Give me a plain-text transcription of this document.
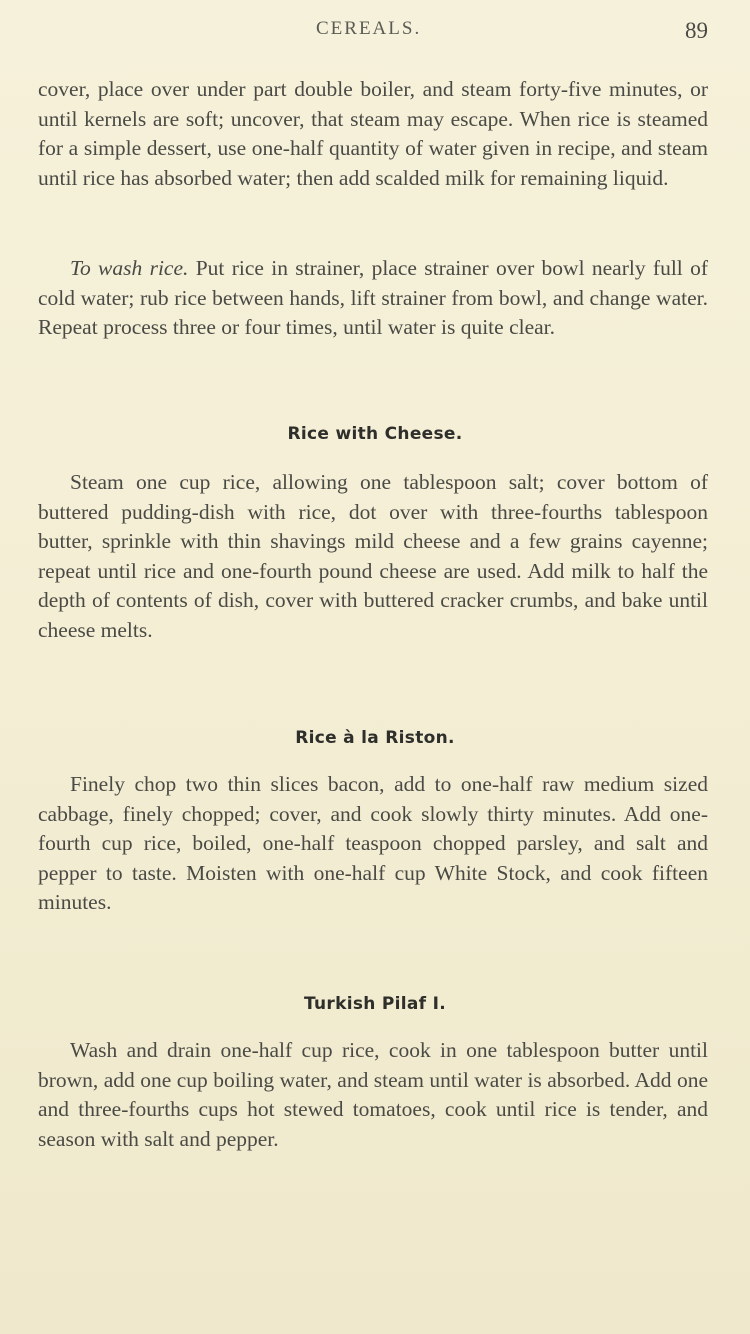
CEREALS.	89

cover, place over under part double boiler, and steam forty-five minutes, or until kernels are soft; uncover, that steam may escape. When rice is steamed for a simple dessert, use one-half quantity of water given in recipe, and steam until rice has absorbed water; then add scalded milk for remaining liquid.

To wash rice. Put rice in strainer, place strainer over bowl nearly full of cold water; rub rice between hands, lift strainer from bowl, and change water. Repeat process three or four times, until water is quite clear.

Rice with Cheese.

Steam one cup rice, allowing one tablespoon salt; cover bottom of buttered pudding-dish with rice, dot over with three-fourths tablespoon butter, sprinkle with thin shavings mild cheese and a few grains cayenne; repeat until rice and one-fourth pound cheese are used. Add milk to half the depth of contents of dish, cover with buttered cracker crumbs, and bake until cheese melts.

Rice à la Riston.

Finely chop two thin slices bacon, add to one-half raw medium sized cabbage, finely chopped; cover, and cook slowly thirty minutes. Add one-fourth cup rice, boiled, one-half teaspoon chopped parsley, and salt and pepper to taste. Moisten with one-half cup White Stock, and cook fifteen minutes.

Turkish Pilaf I.

Wash and drain one-half cup rice, cook in one tablespoon butter until brown, add one cup boiling water, and steam until water is absorbed. Add one and three-fourths cups hot stewed tomatoes, cook until rice is tender, and season with salt and pepper.
